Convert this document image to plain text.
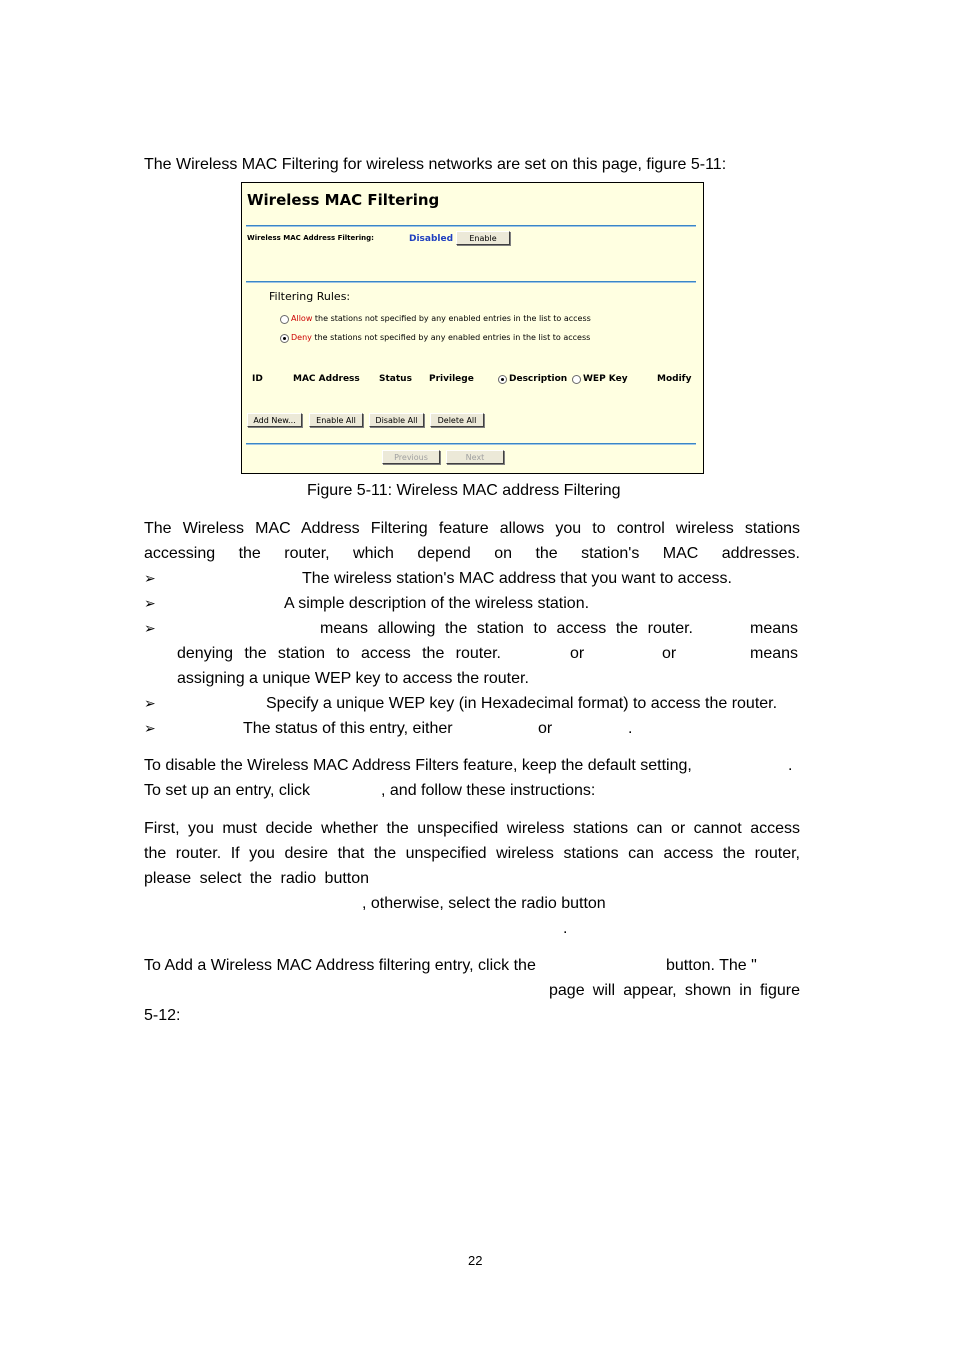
The Wireless MAC Filtering for wireless networks are set on this page, figure 5-11:
Wireless MAC Filtering
Wireless MAC Address Filtering:	Disabled	Enable
Filtering Rules:
Allow the stations not specified by any enabled entries in the list to access
Deny the stations not specified by any enabled entries in the list to access
ID	MAC Address Status Privilege	Description WEP Key	Modify
Add New...	Enable All	Disable All	Delete All
Previous	Next
Figure 5-11: Wireless MAC address Filtering
The Wireless MAC Address Filtering feature allows you to control wireless stations accessing the router, which depend on the station's MAC addresses.
➢	The wireless station's MAC address that you want to access.
➢	A simple description of the wireless station.
➢	means allowing the station to access the router.	means
denying the station to access the router.	or	or	means
assigning a unique WEP key to access the router.
➢	Specify a unique WEP key (in Hexadecimal format) to access the router.
➢	The status of this entry, either	or	.
To disable the Wireless MAC Address Filters feature, keep the default setting,	.
To set up an entry, click	, and follow these instructions:
First, you must decide whether the unspecified wireless stations can or cannot access
the router. If you desire that the unspecified wireless stations can access the router,
please select the radio button
, otherwise, select the radio button
.
To Add a Wireless MAC Address filtering entry, click the	button. The "
page will appear, shown in figure
5-12:
22
